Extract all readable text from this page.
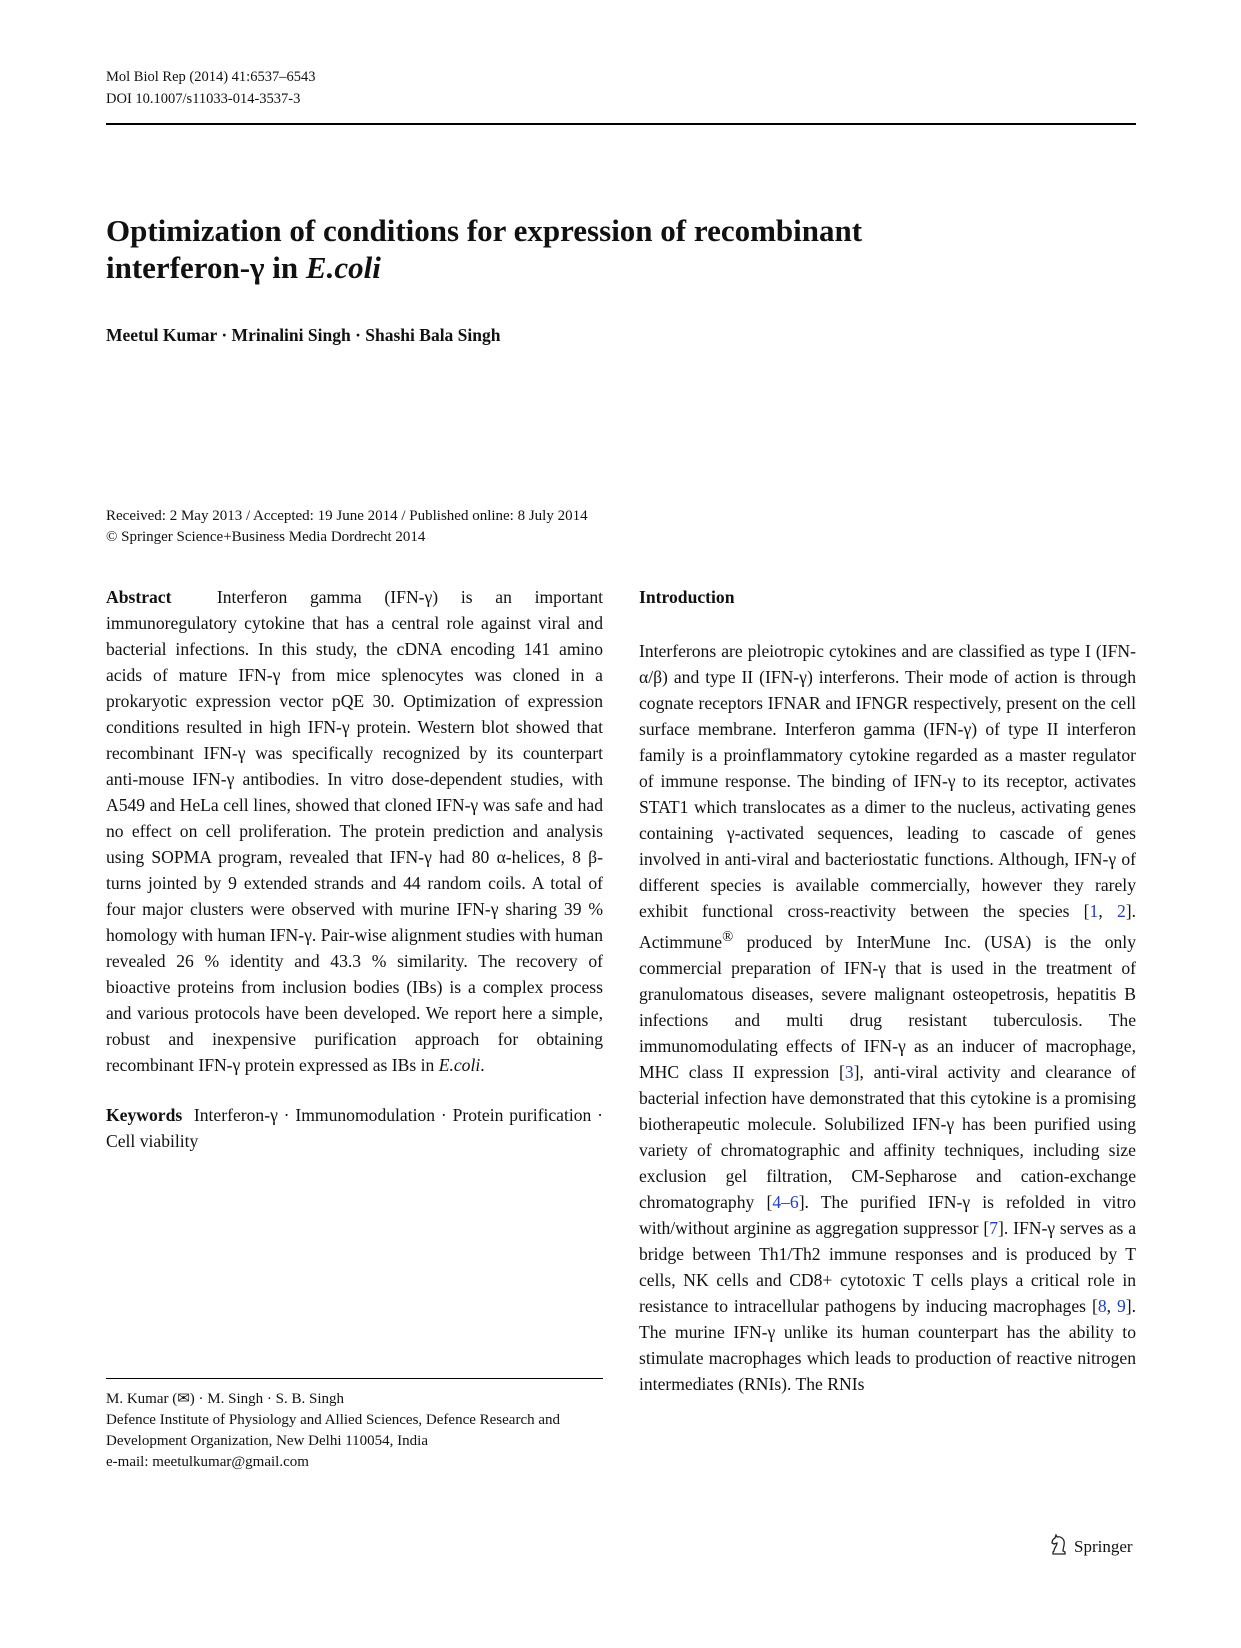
Mol Biol Rep (2014) 41:6537–6543
DOI 10.1007/s11033-014-3537-3
Optimization of conditions for expression of recombinant
interferon-γ in E.coli
Meetul Kumar · Mrinalini Singh · Shashi Bala Singh
Received: 2 May 2013 / Accepted: 19 June 2014 / Published online: 8 July 2014
© Springer Science+Business Media Dordrecht 2014

Abstract	Interferon gamma (IFN-γ) is an important immunoregulatory cytokine that has a central role against viral and bacterial infections. In this study, the cDNA encoding 141 amino acids of mature IFN-γ from mice splenocytes was cloned in a prokaryotic expression vector pQE 30. Optimization of expression conditions resulted in high IFN-γ protein. Western blot showed that recombinant IFN-γ was specifically recognized by its counterpart anti-mouse IFN-γ antibodies. In vitro dose-dependent studies, with A549 and HeLa cell lines, showed that cloned IFN-γ was safe and had no effect on cell proliferation. The protein prediction and analysis using SOPMA program, revealed that IFN-γ had 80 α-helices, 8 β-turns jointed by 9 extended strands and 44 random coils. A total of four major clusters were observed with murine IFN-γ sharing 39 % homology with human IFN-γ. Pair-wise alignment studies with human revealed 26 % identity and 43.3 % similarity. The recovery of bioactive proteins from inclusion bodies (IBs) is a complex process and various protocols have been developed. We report here a simple, robust and inexpensive purification approach for obtaining recombinant IFN-γ protein expressed as IBs in E.coli.

Keywords Interferon-γ · Immunomodulation · Protein purification · Cell viability

M. Kumar (✉) · M. Singh · S. B. Singh
Defence Institute of Physiology and Allied Sciences, Defence Research and Development Organization, New Delhi 110054, India
e-mail: meetulkumar@gmail.com

Introduction

Interferons are pleiotropic cytokines and are classified as type I (IFN-α/β) and type II (IFN-γ) interferons. Their mode of action is through cognate receptors IFNAR and IFNGR respectively, present on the cell surface membrane. Interferon gamma (IFN-γ) of type II interferon family is a proinflammatory cytokine regarded as a master regulator of immune response. The binding of IFN-γ to its receptor, activates STAT1 which translocates as a dimer to the nucleus, activating genes containing γ-activated sequences, leading to cascade of genes involved in anti-viral and bacteriostatic functions. Although, IFN-γ of different species is available commercially, however they rarely exhibit functional cross-reactivity between the species [1, 2]. Actimmune® produced by InterMune Inc. (USA) is the only commercial preparation of IFN-γ that is used in the treatment of granulomatous diseases, severe malignant osteopetrosis, hepatitis B infections and multi drug resistant tuberculosis. The immunomodulating effects of IFN-γ as an inducer of macrophage, MHC class II expression [3], anti-viral activity and clearance of bacterial infection have demonstrated that this cytokine is a promising biotherapeutic molecule. Solubilized IFN-γ has been purified using variety of chromatographic and affinity techniques, including size exclusion gel filtration, CM-Sepharose and cation-exchange chromatography [4–6]. The purified IFN-γ is refolded in vitro with/without arginine as aggregation suppressor [7]. IFN-γ serves as a bridge between Th1/Th2 immune responses and is produced by T cells, NK cells and CD8+ cytotoxic T cells plays a critical role in resistance to intracellular pathogens by inducing macrophages [8, 9]. The murine IFN-γ unlike its human counterpart has the ability to stimulate macrophages which leads to production of reactive nitrogen intermediates (RNIs). The RNIs

Springer
